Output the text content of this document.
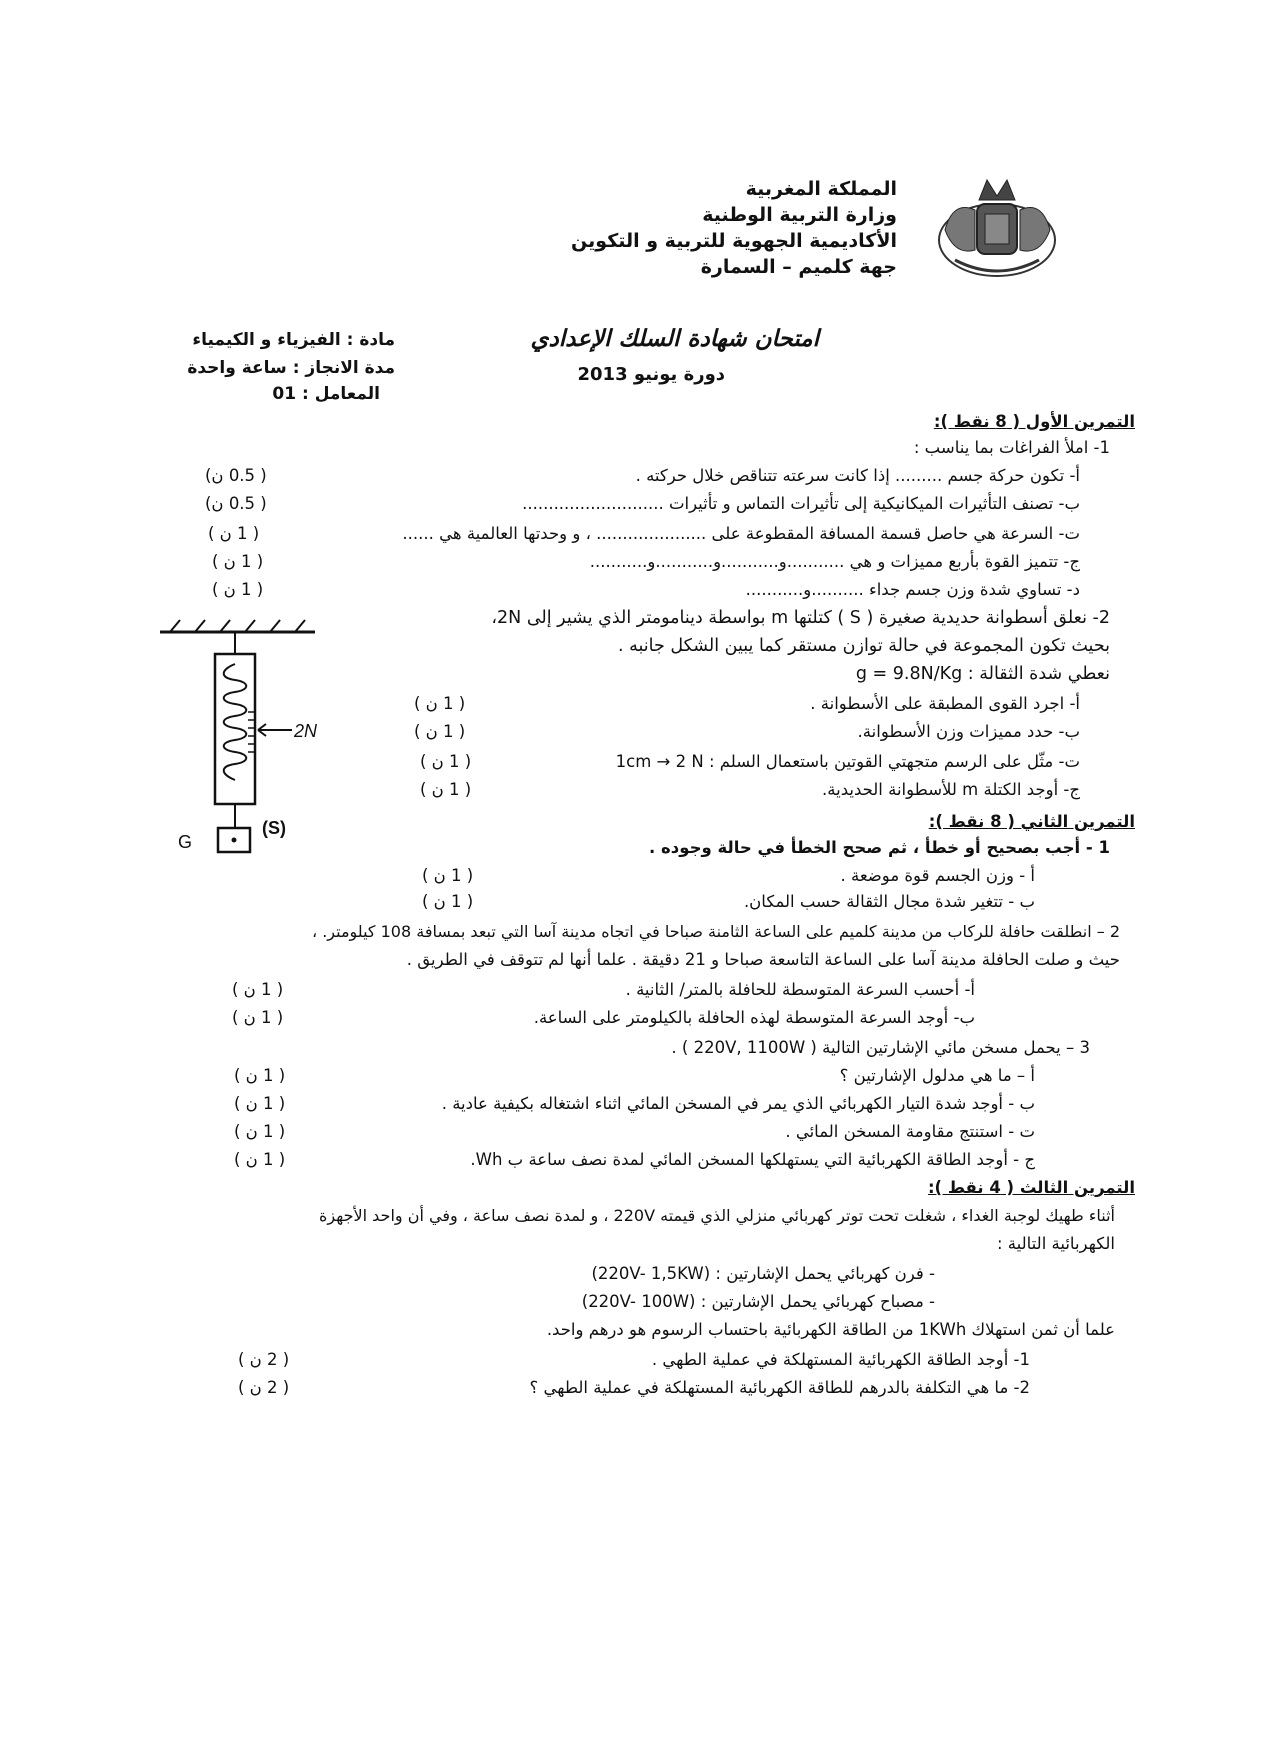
المملكة المغربية
وزارة التربية الوطنية
الأكاديمية الجهوية للتربية و التكوين
جهة كلميم – السمارة
امتحان شهادة السلك الإعدادي
دورة يونيو 2013
مادة : الفيزياء و الكيمياء
مدة الانجاز : ساعة واحدة
المعامل : 01
التمرين الأول ( 8 نقط ):
1- املأ الفراغات بما يناسب :
أ- تكون حركة جسم ......... إذا كانت سرعته تتناقص خلال حركته .
( 0.5 ن)
ب- تصنف التأثيرات الميكانيكية إلى تأثيرات التماس و تأثيرات ...........................
( 0.5 ن)
ت- السرعة هي حاصل قسمة المسافة المقطوعة على ..................... ، و وحدتها العالمية هي ......
( 1 ن )
ج- تتميز القوة بأربع مميزات و هي ...........و...........و...........و...........
( 1 ن )
د- تساوي شدة وزن جسم جداء ..........و...........
( 1 ن )
2- نعلق أسطوانة حديدية صغيرة ( S ) كتلتها m بواسطة دينامومتر الذي يشير إلى 2N،
بحيث تكون المجموعة في حالة توازن مستقر كما يبين الشكل جانبه .
نعطي شدة الثقالة : g = 9.8N/Kg
أ- اجرد القوى المطبقة على الأسطوانة .
( 1 ن )
ب- حدد مميزات وزن الأسطوانة.
( 1 ن )
ت- مثّل على الرسم متجهتي القوتين باستعمال السلم : 1cm → 2 N
( 1 ن )
ج- أوجد الكتلة m للأسطوانة الحديدية.
( 1 ن )
2N
(S)
G
التمرين الثاني ( 8 نقط ):
1 - أجب بصحيح أو خطأ ، ثم صحح الخطأ في حالة وجوده .
أ - وزن الجسم قوة موضعة .
( 1 ن )
ب - تتغير شدة مجال الثقالة حسب المكان.
( 1 ن )
2 – انطلقت حافلة للركاب من مدينة كلميم على الساعة الثامنة صباحا في اتجاه مدينة آسا التي تبعد بمسافة 108 كيلومتر. ،
حيث و صلت الحافلة مدينة آسا على الساعة التاسعة صباحا و 21 دقيقة . علما أنها لم تتوقف في الطريق .
أ- أحسب السرعة المتوسطة للحافلة بالمتر/ الثانية .
( 1 ن )
ب- أوجد السرعة المتوسطة لهذه الحافلة بالكيلومتر على الساعة.
( 1 ن )
3 – يحمل مسخن مائي الإشارتين التالية ( 220V, 1100W ) .
أ – ما هي مدلول الإشارتين ؟
( 1 ن )
ب - أوجد شدة التيار الكهربائي الذي يمر في المسخن المائي اثناء اشتغاله بكيفية عادية .
( 1 ن )
ت - استنتج مقاومة المسخن المائي .
( 1 ن )
ج - أوجد الطاقة الكهربائية التي يستهلكها المسخن المائي لمدة نصف ساعة ب Wh.
( 1 ن )
التمرين الثالث ( 4 نقط ):
أثناء طهيك لوجبة الغداء ، شغلت تحت توتر كهربائي منزلي الذي قيمته 220V ، و لمدة نصف ساعة ، وفي أن واحد الأجهزة
الكهربائية التالية :
- فرن كهربائي يحمل الإشارتين : (220V- 1,5KW)
- مصباح كهربائي يحمل الإشارتين : (220V- 100W)
علما أن ثمن استهلاك 1KWh من الطاقة الكهربائية باحتساب الرسوم هو درهم واحد.
1- أوجد الطاقة الكهربائية المستهلكة في عملية الطهي .
( 2 ن )
2- ما هي التكلفة بالدرهم للطاقة الكهربائية المستهلكة في عملية الطهي ؟
( 2 ن )
